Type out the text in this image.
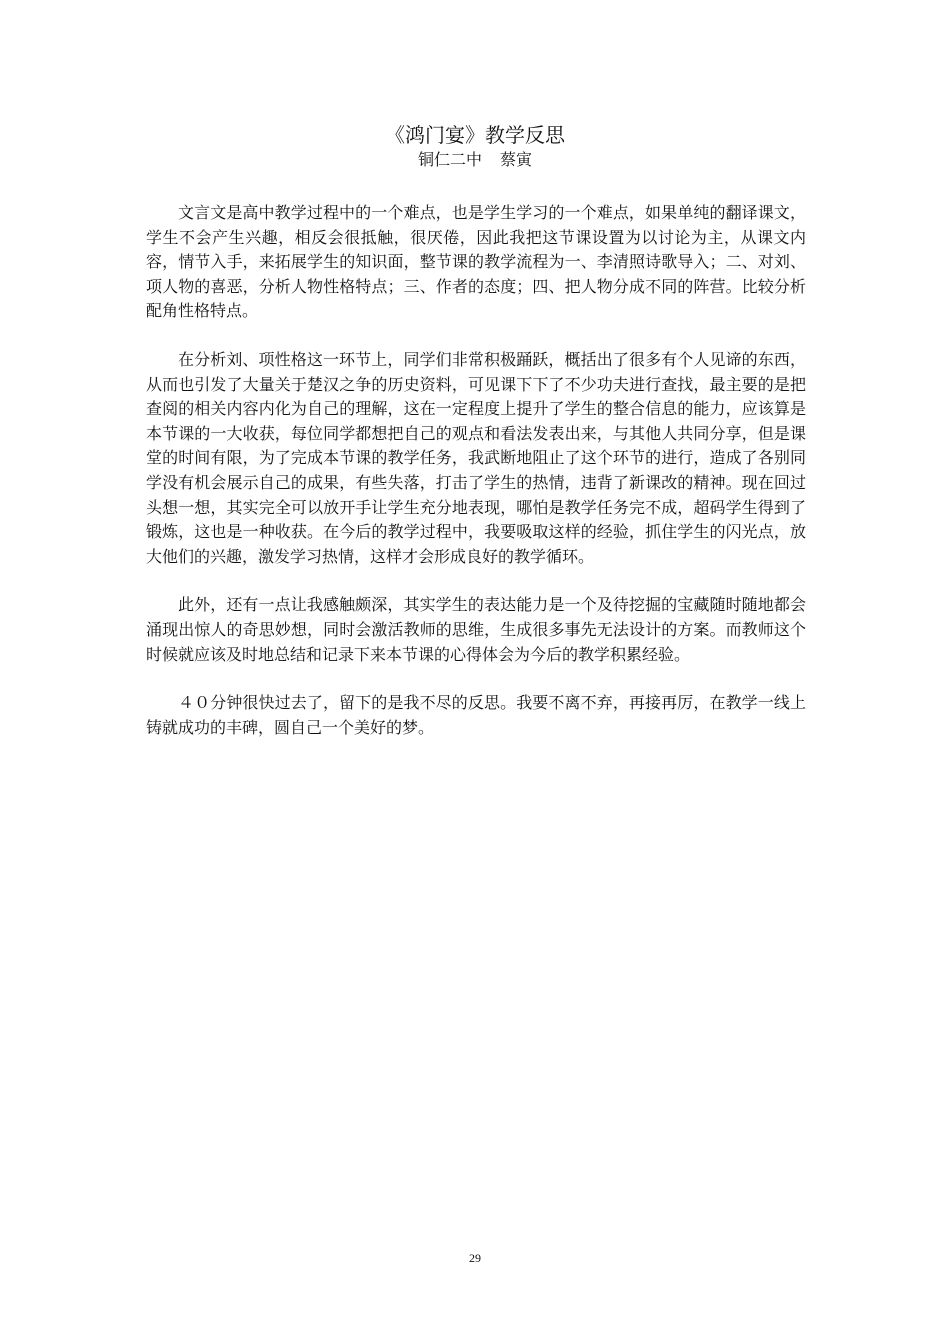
《鸿门宴》教学反思
铜仁二中 蔡寅

文言文是高中教学过程中的一个难点，也是学生学习的一个难点，如果单纯的翻译课文，学生不会产生兴趣，相反会很抵触，很厌倦，因此我把这节课设置为以讨论为主，从课文内容，情节入手，来拓展学生的知识面，整节课的教学流程为一、李清照诗歌导入；二、对刘、项人物的喜恶，分析人物性格特点；三、作者的态度；四、把人物分成不同的阵营。比较分析配角性格特点。

在分析刘、项性格这一环节上，同学们非常积极踊跃，概括出了很多有个人见谛的东西，从而也引发了大量关于楚汉之争的历史资料，可见课下下了不少功夫进行查找，最主要的是把查阅的相关内容内化为自己的理解，这在一定程度上提升了学生的整合信息的能力，应该算是本节课的一大收获，每位同学都想把自己的观点和看法发表出来，与其他人共同分享，但是课堂的时间有限，为了完成本节课的教学任务，我武断地阻止了这个环节的进行，造成了各别同学没有机会展示自己的成果，有些失落，打击了学生的热情，违背了新课改的精神。现在回过头想一想，其实完全可以放开手让学生充分地表现，哪怕是教学任务完不成，超码学生得到了锻炼，这也是一种收获。在今后的教学过程中，我要吸取这样的经验，抓住学生的闪光点，放大他们的兴趣，激发学习热情，这样才会形成良好的教学循环。

此外，还有一点让我感触颇深，其实学生的表达能力是一个及待挖掘的宝藏随时随地都会涌现出惊人的奇思妙想，同时会激活教师的思维，生成很多事先无法设计的方案。而教师这个时候就应该及时地总结和记录下来本节课的心得体会为今后的教学积累经验。

４０分钟很快过去了，留下的是我不尽的反思。我要不离不弃，再接再厉，在教学一线上铸就成功的丰碑，圆自己一个美好的梦。

29
